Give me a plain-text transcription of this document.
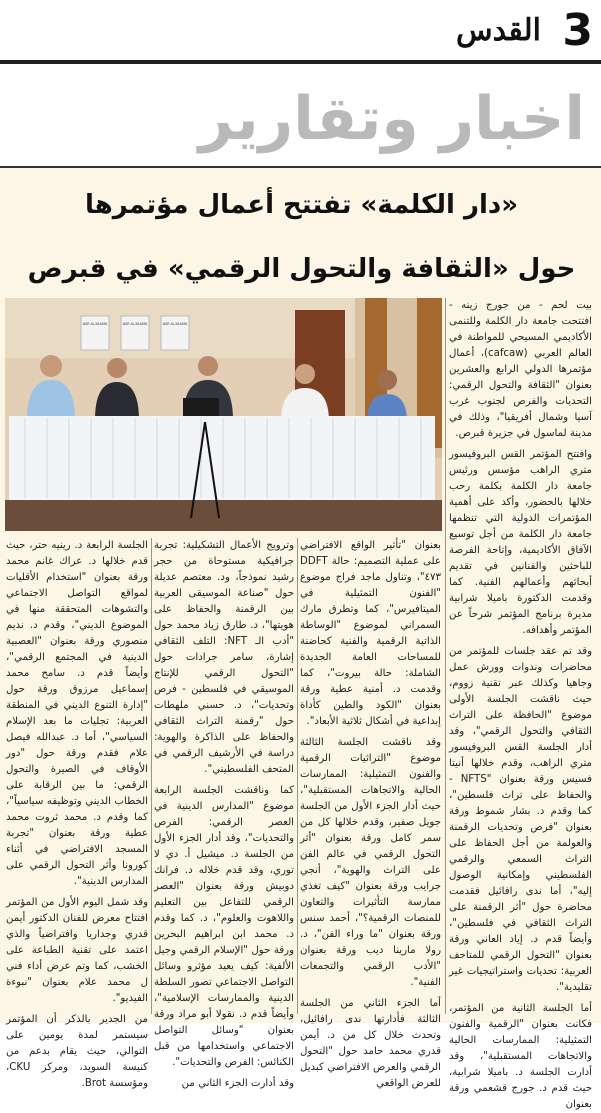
3
القدس
اخبار وتقارير
«دار الكلمة» تفتتح أعمال مؤتمرها
حول «الثقافة والتحول الرقمي» في قبرص
DAR AL-KALIMA	DAR AL-KALIMA	DAR AL-KALIMA

بيت لحم - من جورج زينه - افتتحت جامعة دار الكلمة وللتنمى الأكاديمي المسيحي للمواطنة في العالم العربي (cafcaw)، أعمال مؤتمرها الدولي الرابع والعشرين بعنوان "الثقافة والتحول الرقمي: التحديات والفرص لجنوب غرب آسيا وشمال أفريقيا"، وذلك في مدينة لماسول في جزيرة قبرص.

وافتتح المؤتمر القس البروفيسور متري الراهب مؤسس ورئيس جامعة دار الكلمة بكلمة رحب خلالها بالحضور، وأكد على أهمية المؤتمرات الدولية التي تنظمها جامعة دار الكلمة من أجل توسيع الآفاق الأكاديمية، وإتاحة الفرصة للباحثين والفنانين في تقديم أبحاثهم وأعمالهم الفنية. كما وقدمت الدكتورة باميلا شرابية مديرة برنامج المؤتمر شرحاً عن المؤتمر وأهدافه.

وقد تم عقد جلسات للمؤتمر من محاضرات وندوات وورش عمل وجاهيا وكذلك عبر تقنية زووم، حيث ناقشت الجلسة الأولى موضوع "الحافظة على التراث الثقافي والتحول الرقمي"، وقد أدار الجلسة القس البروفيسور متري الراهب، وقدم خلالها أنيتا فسيس ورقة بعنوان "NFTS - والحفاظ على تراث فلسطين"، كما وقدم د. بشار شموط ورقة بعنوان "فرص وتحديات الرقمنة والعولمة من أجل الحفاظ على التراث السمعي والرقمي الفلسطيني وإمكانية الوصول إليه"، أما ندى رافائيل فقدمت محاضرة حول "أثر الرقمنة على التراث الثقافي في فلسطين"، وأيضاً قدم د. إياد العاني ورقة بعنوان "التحول الرقمي للمتاحف العربية: تحديات واستراتيجيات غير تقليدية".

أما الجلسة الثانية من المؤتمر، فكانت بعنوان "الرقمية والفنون التمثيلية: الممارسات الحالية والاتجاهات المستقبلية"، وقد أدارت الجلسة د. باميلا شرابية، حيث قدم د. جورج قشعمي ورقة بعنوان

بعنوان "تأثير الواقع الافتراضي على عملية التصميم: حالة DDFT ٤٧٣"، وتناول ماجد فراج موضوع "الفنون التمثيلية في الميتافيرس"، كما وتطرق مارك السمراني لموضوع "الوساطة الذاتية الرقمية والفنية كحاضنة للمساحات العامة الجديدة الشاملة: حالة بيروت"، كما وقدمت د. أمنية عطية ورقة بعنوان "الكود والطين كأداة إبداعية في أشكال ثلاثية الأبعاد".

وقد ناقشت الجلسة الثالثة موضوع "التراثيات الرقمية والفنون التمثيلية: الممارسات الحالية والاتجاهات المستقبلية"، حيث أدار الجزء الأول من الجلسة جويل صفير، وقدم خلالها كل من سمر كامل ورقة بعنوان "أثر التحول الرقمي في عالم الفن على التراث والهوية"، أنجي جرايب ورقة بعنوان "كيف تغذي ممارسة التأثيرات والتعاون للمنصات الرقمية؟"، أحمد سنس ورقة بعنوان "ما وراء الفن"، د. رولا مارينا ديب ورقة بعنوان "الأدب الرقمي والتجمعات الفنية".

أما الجزء الثاني من الجلسة الثالثة فأدارتها ندى رافائيل، وتحدث خلال كل من د. أيمن قدري محمد حامد حول "التحول الرقمي والعرض الافتراضي كبديل للعرض الواقعي

وترويج الأعمال التشكيلية: تجربة جرافيكية مستوحاة من حجر رشيد نموذجاً، ود. معتصم عديلة حول "صناعة الموسيقى العربية بين الرقمنة والحفاظ على هويتها"، د. طارق زياد محمد حول "أدب الـ NFT: التلف الثقافي إشارة، سامر جرادات حول "التحول الرقمي للإنتاج الموسيقي في فلسطين - فرص وتحديات"، د. حسني ملهطات حول "رقمنة التراث الثقافي والحفاظ على الذاكرة والهوية: دراسة في الأرشيف الرقمي في المتحف الفلسطيني".

كما وناقشت الجلسة الرابعة موضوع "المدارس الدينية في العصر الرقمي: الفرص والتحديات"، وقد أدار الجزء الأول من الجلسة د. ميشيل أ. دي لا توري، وقد قدم خلاله د. فرانك دوبيش ورقة بعنوان "العصر الرقمي للتفاعل بين التعليم واللاهوت والعلوم"، د. كما وقدم د. محمد ابن ابراهيم البحرين ورقة حول "الإسلام الرقمي وجيل الألفية: كيف يعيد مؤثرو وسائل التواصل الاجتماعي تصور السلطة الدينية والممارسات الإسلامية"، وأيضاً قدم د. نقولا أبو مراد ورقة بعنوان "وسائل التواصل الاجتماعي واستخدامها من قبل الكنائس: الفرص والتحديات".

وقد أدارت الجزء الثاني من

الجلسة الرابعة د. رينيه حتر، حيث قدم خلالها د. عراك غانم محمد ورقة بعنوان "استخدام الأقليات لمواقع التواصل الاجتماعي والتشوهات المتحققة منها في الموضوع الديني"، وقدم د. نديم منصوري ورقة بعنوان "العصبية الدينية في المجتمع الرقمي"، وأيضاً قدم د. سامح محمد إسماعيل مرزوق ورقة حول "إدارة التنوع الديني في المنطقة العربية: تجليات ما بعد الإسلام السياسي"، أما د. عبدالله فيصل علام فقدم ورقة حول "دور الأوقاف في الصيرة والتحول الرقمي: ما بين الرقابة على الخطاب الديني وتوظيفه سياسياً"، كما وقدم د. محمد ثروت محمد عطية ورقة بعنوان "تجربة المسجد الافتراضي في أثناء كورونا وأثر التحول الرقمي على المدارس الدينية".

وقد شمل اليوم الأول من المؤتمر افتتاح معرض للفنان الدكتور أيمن قدري وجداريا وافتراضياً والذي اعتمد على تقنية الطباعة على الخشب، كما وتم عرض أداء فني ل محمد علام بعنوان "نبوءة الفيديو".

من الجدير بالذكر أن المؤتمر سيستمر لمدة يومين على التوالي، حيث يقام بدعم من كنيسة السويد، ومركز CKU، ومؤسسة Brot.
